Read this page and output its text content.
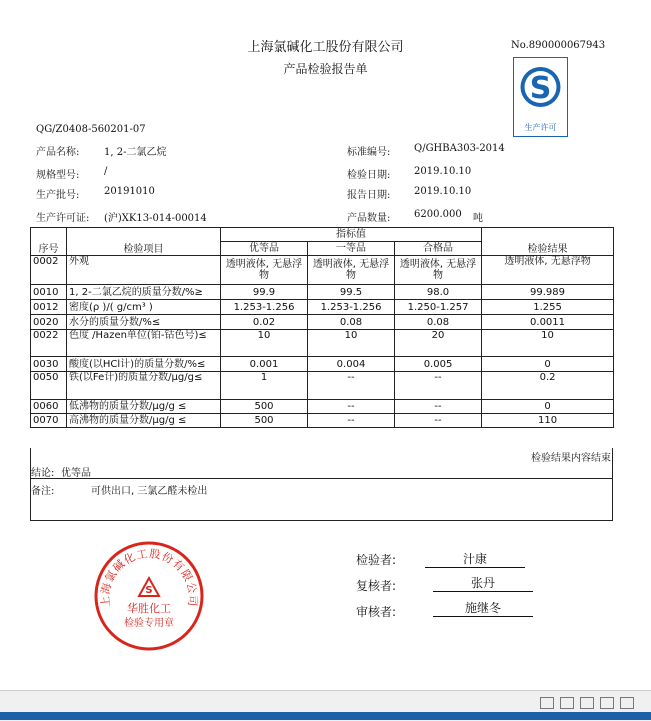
上海氯碱化工股份有限公司
产品检验报告单
No.890000067943
S
生产许可
QG/Z0408-560201-07
产品名称: 1, 2-二氯乙烷
规格型号: /
生产批号: 20191010
生产许可证: (沪)XK13-014-00014
标准编号: Q/GHBA303-2014
检验日期: 2019.10.10
报告日期: 2019.10.10
产品数量: 6200.000 吨
序号	检验项目	指标值			检验结果
		优等品	一等品	合格品	
0002	外观	透明液体, 无悬浮物	透明液体, 无悬浮物	透明液体, 无悬浮物	透明液体, 无悬浮物
0010	1, 2-二氯乙烷的质量分数/%≥	99.9	99.5	98.0	99.989
0012	密度(ρ )/( g/cm³ )	1.253-1.256	1.253-1.256	1.250-1.257	1.255
0020	水分的质量分数/%≤	0.02	0.08	0.08	0.0011
0022	色度 /Hazen单位(铂-钴色号)≤	10	10	20	10
0030	酸度(以HCl计)的质量分数/%≤	0.001	0.004	0.005	0
0050	铁(以Fe计)的质量分数/μg/g≤	1	--	--	0.2
0060	低沸物的质量分数/μg/g ≤	500	--	--	0
0070	高沸物的质量分数/μg/g ≤	500	--	--	110
检验结果内容结束
结论: 优等品
备注:	可供出口, 三氯乙醛未检出
检验者:	汁康
复核者:	张丹
审核者:	施继冬
上海氯碱化工股份有限公司
S
华胜化工
检验专用章
